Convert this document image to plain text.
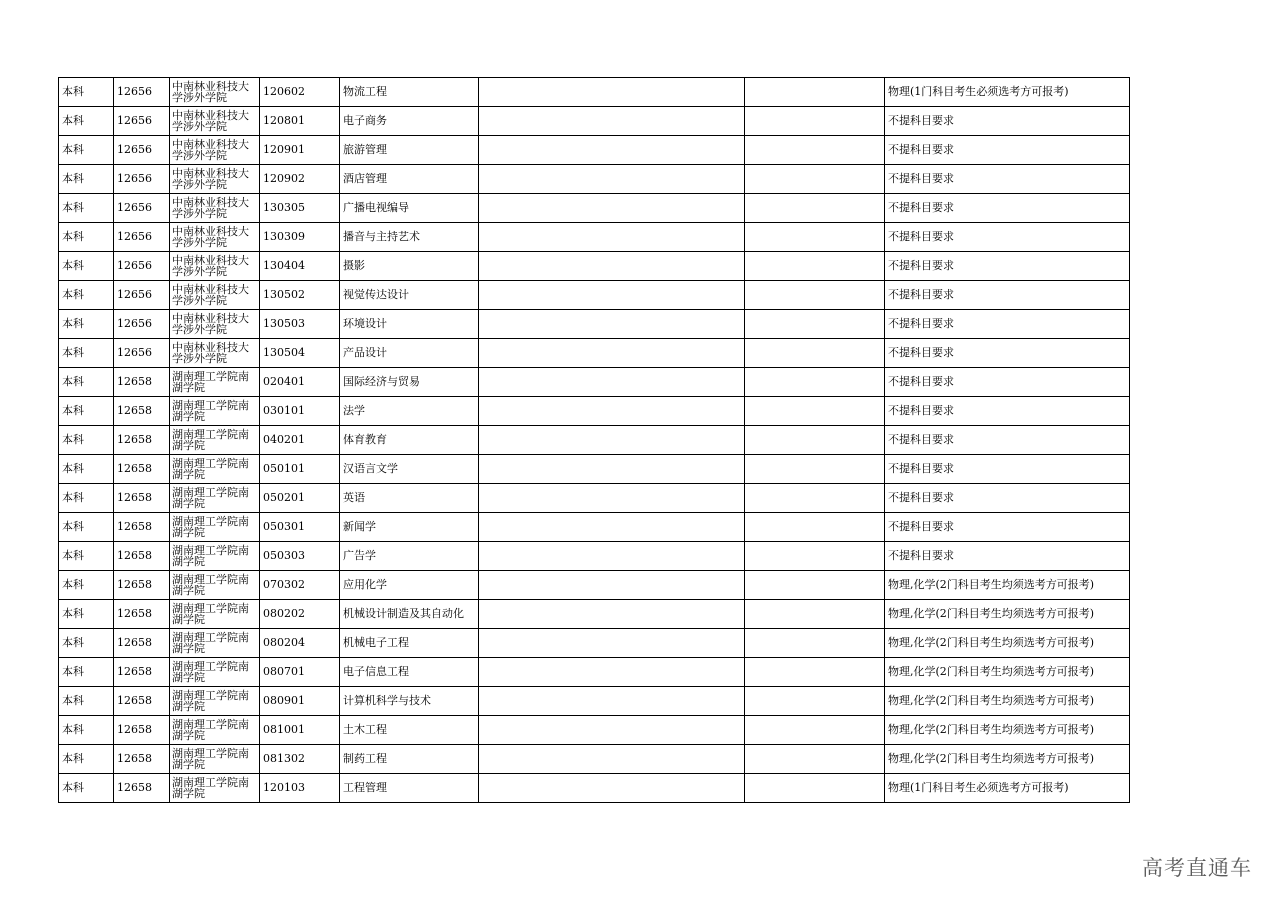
本科	12656	中南林业科技大学涉外学院	120602	物流工程			物理(1门科目考生必须选考方可报考)
本科	12656	中南林业科技大学涉外学院	120801	电子商务			不提科目要求
本科	12656	中南林业科技大学涉外学院	120901	旅游管理			不提科目要求
本科	12656	中南林业科技大学涉外学院	120902	酒店管理			不提科目要求
本科	12656	中南林业科技大学涉外学院	130305	广播电视编导			不提科目要求
本科	12656	中南林业科技大学涉外学院	130309	播音与主持艺术			不提科目要求
本科	12656	中南林业科技大学涉外学院	130404	摄影			不提科目要求
本科	12656	中南林业科技大学涉外学院	130502	视觉传达设计			不提科目要求
本科	12656	中南林业科技大学涉外学院	130503	环境设计			不提科目要求
本科	12656	中南林业科技大学涉外学院	130504	产品设计			不提科目要求
本科	12658	湖南理工学院南湖学院	020401	国际经济与贸易			不提科目要求
本科	12658	湖南理工学院南湖学院	030101	法学			不提科目要求
本科	12658	湖南理工学院南湖学院	040201	体育教育			不提科目要求
本科	12658	湖南理工学院南湖学院	050101	汉语言文学			不提科目要求
本科	12658	湖南理工学院南湖学院	050201	英语			不提科目要求
本科	12658	湖南理工学院南湖学院	050301	新闻学			不提科目要求
本科	12658	湖南理工学院南湖学院	050303	广告学			不提科目要求
本科	12658	湖南理工学院南湖学院	070302	应用化学			物理,化学(2门科目考生均须选考方可报考)
本科	12658	湖南理工学院南湖学院	080202	机械设计制造及其自动化			物理,化学(2门科目考生均须选考方可报考)
本科	12658	湖南理工学院南湖学院	080204	机械电子工程			物理,化学(2门科目考生均须选考方可报考)
本科	12658	湖南理工学院南湖学院	080701	电子信息工程			物理,化学(2门科目考生均须选考方可报考)
本科	12658	湖南理工学院南湖学院	080901	计算机科学与技术			物理,化学(2门科目考生均须选考方可报考)
本科	12658	湖南理工学院南湖学院	081001	土木工程			物理,化学(2门科目考生均须选考方可报考)
本科	12658	湖南理工学院南湖学院	081302	制药工程			物理,化学(2门科目考生均须选考方可报考)
本科	12658	湖南理工学院南湖学院	120103	工程管理			物理(1门科目考生必须选考方可报考)
高考直通车
